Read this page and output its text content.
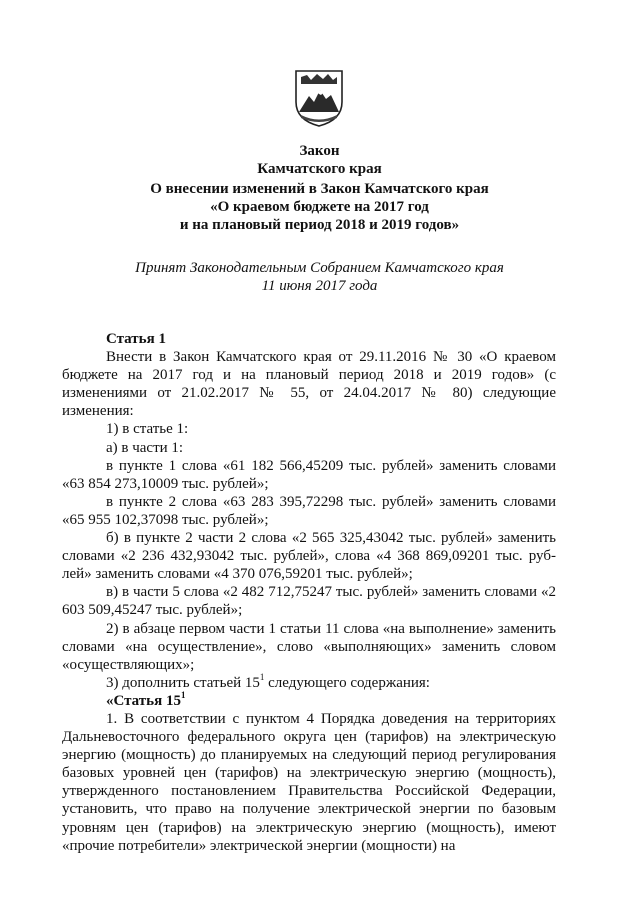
Закон
Камчатского края
О внесении изменений в Закон Камчатского края
«О краевом бюджете на 2017 год
и на плановый период 2018 и 2019 годов»
Принят Законодательным Собранием Камчатского края
11 июня 2017 года

Статья 1

Внести в Закон Камчатского края от 29.11.2016 № 30 «О краевом бюджете на 2017 год и на плановый период 2018 и 2019 годов» (с изменениями от 21.02.2017 № 55, от 24.04.2017 № 80) следующие изменения:

1) в статье 1:

а) в части 1:

в пункте 1 слова «61 182 566,45209 тыс. рублей» заменить словами «63 854 273,10009 тыс. рублей»;

в пункте 2 слова «63 283 395,72298 тыс. рублей» заменить словами «65 955 102,37098 тыс. рублей»;

б) в пункте 2 части 2 слова «2 565 325,43042 тыс. рублей» заменить словами «2 236 432,93042 тыс. рублей», слова «4 368 869,09201 тыс. руб-лей» заменить словами «4 370 076,59201 тыс. рублей»;

в) в части 5 слова «2 482 712,75247 тыс. рублей» заменить словами «2 603 509,45247 тыс. рублей»;

2) в абзаце первом части 1 статьи 11 слова «на выполнение» заменить словами «на осуществление», слово «выполняющих» заменить словом «осуществляющих»;

3) дополнить статьей $15^1$ следующего содержания:

«Статья $15^1$

1. В соответствии с пунктом 4 Порядка доведения на территориях Дальневосточного федерального округа цен (тарифов) на электрическую энергию (мощность) до планируемых на следующий период регулирования базовых уровней цен (тарифов) на электрическую энергию (мощность), утвержденного постановлением Правительства Российской Федерации, установить, что право на получение электрической энергии по базовым уровням цен (тарифов) на электрическую энергию (мощность), имеют «прочие потребители» электрической энергии (мощности) на
